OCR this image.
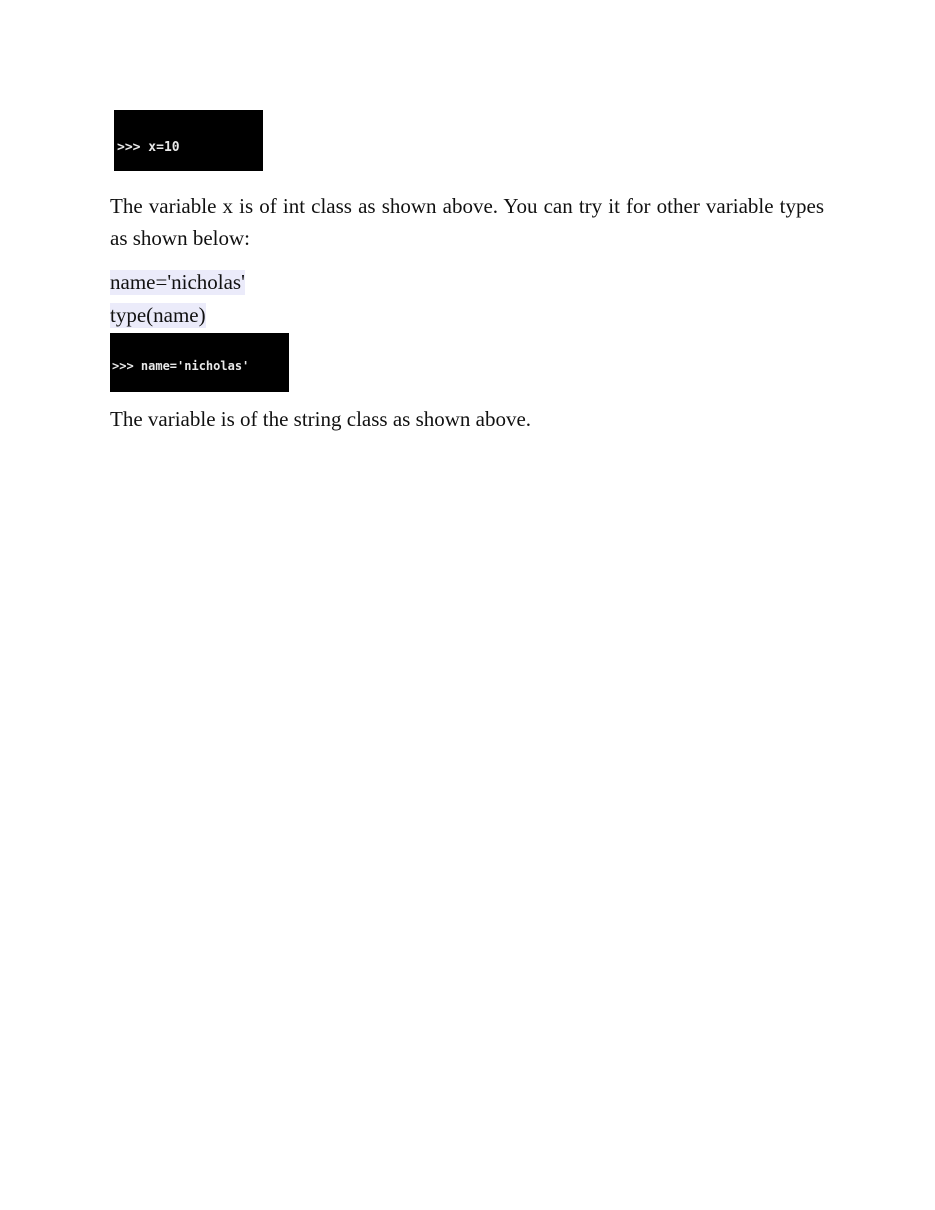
>>> x=10

The variable x is of int class as shown above. You can try it for other variable types as shown below:

name='nicholas'
type(name)

>>> name='nicholas'

The variable is of the string class as shown above.
